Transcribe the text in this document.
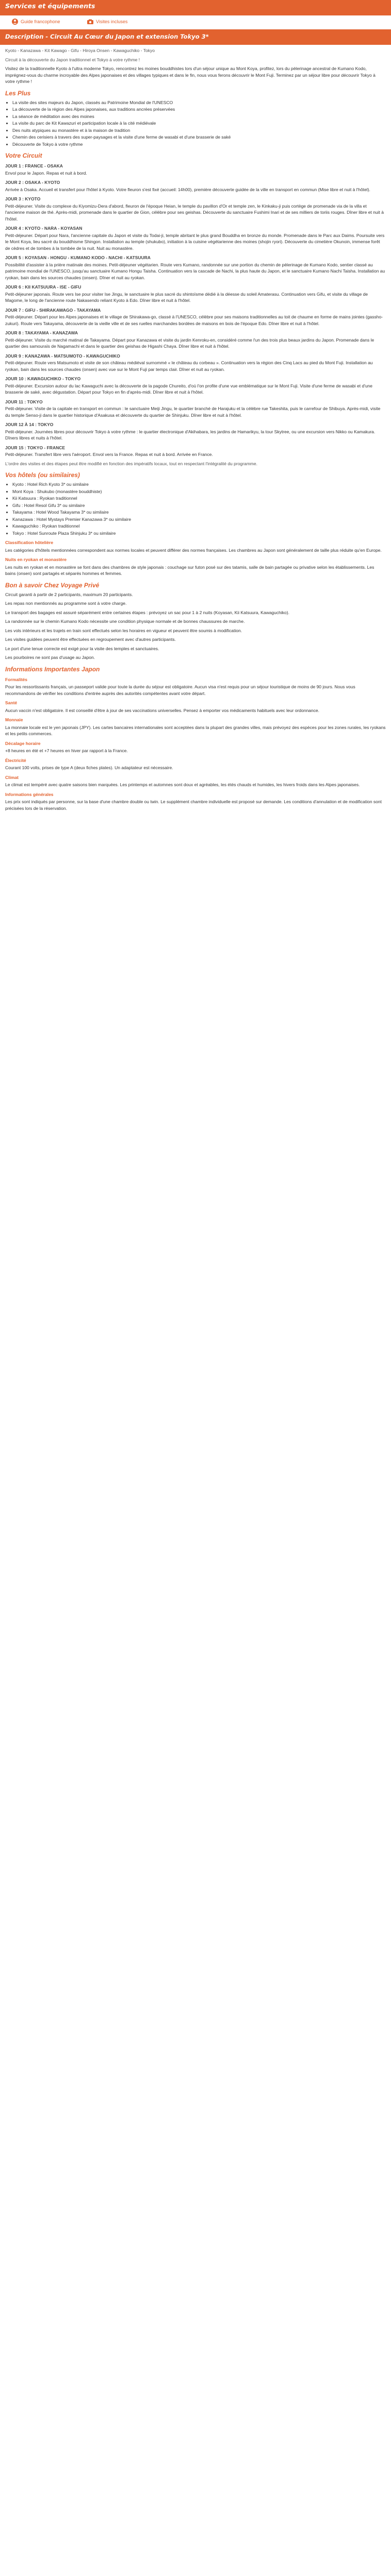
Services et équipements
Guide francophone	Visites incluses
Description - Circuit Au Cœur du Japon et extension Tokyo 3*

Kyoto - Kanazawa - Kit Kawago - Gifu - Hiroya Onsen - Kawaguchiko - Tokyo

Circuit à la découverte du Japon traditionnel et Tokyo à votre rythme !

Visitez de la traditionnelle Kyoto à l'ultra moderne Tokyo, rencontrez les moines bouddhistes lors d'un séjour unique au Mont Koya, profitez, lors du pèlerinage ancestral de Kumano Kodo, imprégnez-vous du charme incroyable des Alpes japonaises et des villages typiques et dans le fin, nous vous ferons découvrir le Mont Fuji. Terminez par un séjour libre pour découvrir Tokyo à votre rythme !

Les Plus
• La visite des sites majeurs du Japon, classés au Patrimoine Mondial de l'UNESCO
• La découverte de la région des Alpes japonaises, aux traditions ancrées préservées
• La séance de méditation avec des moines
• La visite du parc de Kit Kawazuri et participation locale à la cité médiévale
• Des nuits atypiques au monastère et à la maison de tradition
• Chemin des cerisiers à travers des super-paysages et la visite d'une ferme de wasabi et d'une brasserie de saké
• Découverte de Tokyo à votre rythme
Votre Circuit
JOUR 1 : FRANCE - OSAKA

Envol pour le Japon. Repas et nuit à bord.

JOUR 2 : OSAKA - KYOTO

Arrivée à Osaka. Accueil et transfert pour l'hôtel à Kyoto. Votre fleuron s'est fixé (accueil: 14h00), première découverte guidée de la ville en transport en commun (Mise libre et nuit à l'hôtel).

JOUR 3 : KYOTO

Petit-déjeuner. Visite du complexe du Kiyomizu-Dera d'abord, fleuron de l'époque Heian, le temple du pavillon d'Or et temple zen, le Kinkaku-ji puis cortège de promenade via de la villa et l'ancienne maison de thé. Après-midi, promenade dans le quartier de Gion, célèbre pour ses geishas. Découverte du sanctuaire Fushimi Inari et de ses milliers de toriis rouges. Dîner libre et nuit à l'hôtel.

JOUR 4 : KYOTO - NARA - KOYASAN

Petit-déjeuner. Départ pour Nara, l'ancienne capitale du Japon et visite du Todai-ji, temple abritant le plus grand Bouddha en bronze du monde. Promenade dans le Parc aux Daims. Poursuite vers le Mont Koya, lieu sacré du bouddhisme Shingon. Installation au temple (shukubo), initiation à la cuisine végétarienne des moines (shojin ryori). Découverte du cimetière Okunoin, immense forêt de cèdres et de tombes à la tombée de la nuit. Nuit au monastère.

JOUR 5 : KOYASAN - HONGU - KUMANO KODO - NACHI - KATSUURA

Possibilité d'assister à la prière matinale des moines. Petit-déjeuner végétarien. Route vers Kumano, randonnée sur une portion du chemin de pèlerinage de Kumano Kodo, sentier classé au patrimoine mondial de l'UNESCO, jusqu'au sanctuaire Kumano Hongu Taisha. Continuation vers la cascade de Nachi, la plus haute du Japon, et le sanctuaire Kumano Nachi Taisha. Installation au ryokan, bain dans les sources chaudes (onsen). Dîner et nuit au ryokan.

JOUR 6 : KII KATSUURA - ISE - GIFU

Petit-déjeuner japonais. Route vers Ise pour visiter Ise Jingu, le sanctuaire le plus sacré du shintoïsme dédié à la déesse du soleil Amaterasu. Continuation vers Gifu, et visite du village de Magome, le long de l'ancienne route Nakasendo reliant Kyoto à Edo. Dîner libre et nuit à l'hôtel.

JOUR 7 : GIFU - SHIRAKAWAGO - TAKAYAMA

Petit-déjeuner. Départ pour les Alpes japonaises et le village de Shirakawa-go, classé à l'UNESCO, célèbre pour ses maisons traditionnelles au toit de chaume en forme de mains jointes (gassho-zukuri). Route vers Takayama, découverte de la vieille ville et de ses ruelles marchandes bordées de maisons en bois de l'époque Edo. Dîner libre et nuit à l'hôtel.

JOUR 8 : TAKAYAMA - KANAZAWA

Petit-déjeuner. Visite du marché matinal de Takayama. Départ pour Kanazawa et visite du jardin Kenroku-en, considéré comme l'un des trois plus beaux jardins du Japon. Promenade dans le quartier des samouraïs de Nagamachi et dans le quartier des geishas de Higashi Chaya. Dîner libre et nuit à l'hôtel.

JOUR 9 : KANAZAWA - MATSUMOTO - KAWAGUCHIKO

Petit-déjeuner. Route vers Matsumoto et visite de son château médiéval surnommé « le château du corbeau ». Continuation vers la région des Cinq Lacs au pied du Mont Fuji. Installation au ryokan, bain dans les sources chaudes (onsen) avec vue sur le Mont Fuji par temps clair. Dîner et nuit au ryokan.

JOUR 10 : KAWAGUCHIKO - TOKYO

Petit-déjeuner. Excursion autour du lac Kawaguchi avec la découverte de la pagode Chureito, d'où l'on profite d'une vue emblématique sur le Mont Fuji. Visite d'une ferme de wasabi et d'une brasserie de saké, avec dégustation. Départ pour Tokyo en fin d'après-midi. Dîner libre et nuit à l'hôtel.

JOUR 11 : TOKYO

Petit-déjeuner. Visite de la capitale en transport en commun : le sanctuaire Meiji Jingu, le quartier branché de Harajuku et la célèbre rue Takeshita, puis le carrefour de Shibuya. Après-midi, visite du temple Senso-ji dans le quartier historique d'Asakusa et découverte du quartier de Shinjuku. Dîner libre et nuit à l'hôtel.

JOUR 12 À 14 : TOKYO

Petit-déjeuner. Journées libres pour découvrir Tokyo à votre rythme : le quartier électronique d'Akihabara, les jardins de Hamarikyu, la tour Skytree, ou une excursion vers Nikko ou Kamakura. Dîners libres et nuits à l'hôtel.

JOUR 15 : TOKYO - FRANCE

Petit-déjeuner. Transfert libre vers l'aéroport. Envol vers la France. Repas et nuit à bord. Arrivée en France.

L'ordre des visites et des étapes peut être modifié en fonction des impératifs locaux, tout en respectant l'intégralité du programme.

Vos hôtels (ou similaires)
• Kyoto : Hotel Rich Kyoto 3* ou similaire
• Mont Koya : Shukubo (monastère bouddhiste)
• Kii Katsuura : Ryokan traditionnel
• Gifu : Hotel Resol Gifu 3* ou similaire
• Takayama : Hotel Wood Takayama 3* ou similaire
• Kanazawa : Hotel Mystays Premier Kanazawa 3* ou similaire
• Kawaguchiko : Ryokan traditionnel
• Tokyo : Hotel Sunroute Plaza Shinjuku 3* ou similaire
Classification hôtelière

Les catégories d'hôtels mentionnées correspondent aux normes locales et peuvent différer des normes françaises. Les chambres au Japon sont généralement de taille plus réduite qu'en Europe.

Nuits en ryokan et monastère

Les nuits en ryokan et en monastère se font dans des chambres de style japonais : couchage sur futon posé sur des tatamis, salle de bain partagée ou privative selon les établissements. Les bains (onsen) sont partagés et séparés hommes et femmes.

Bon à savoir Chez Voyage Privé

Circuit garanti à partir de 2 participants, maximum 20 participants.

Les repas non mentionnés au programme sont à votre charge.

Le transport des bagages est assuré séparément entre certaines étapes : prévoyez un sac pour 1 à 2 nuits (Koyasan, Kii Katsuura, Kawaguchiko).

La randonnée sur le chemin Kumano Kodo nécessite une condition physique normale et de bonnes chaussures de marche.

Les vols intérieurs et les trajets en train sont effectués selon les horaires en vigueur et peuvent être soumis à modification.

Les visites guidées peuvent être effectuées en regroupement avec d'autres participants.

Le port d'une tenue correcte est exigé pour la visite des temples et sanctuaires.

Les pourboires ne sont pas d'usage au Japon.

Informations Importantes Japon
Formalités

Pour les ressortissants français, un passeport valide pour toute la durée du séjour est obligatoire. Aucun visa n'est requis pour un séjour touristique de moins de 90 jours. Nous vous recommandons de vérifier les conditions d'entrée auprès des autorités compétentes avant votre départ.

Santé

Aucun vaccin n'est obligatoire. Il est conseillé d'être à jour de ses vaccinations universelles. Pensez à emporter vos médicaments habituels avec leur ordonnance.

Monnaie

La monnaie locale est le yen japonais (JPY). Les cartes bancaires internationales sont acceptées dans la plupart des grandes villes, mais prévoyez des espèces pour les zones rurales, les ryokans et les petits commerces.

Décalage horaire

+8 heures en été et +7 heures en hiver par rapport à la France.

Électricité

Courant 100 volts, prises de type A (deux fiches plates). Un adaptateur est nécessaire.

Climat

Le climat est tempéré avec quatre saisons bien marquées. Les printemps et automnes sont doux et agréables, les étés chauds et humides, les hivers froids dans les Alpes japonaises.

Informations générales

Les prix sont indiqués par personne, sur la base d'une chambre double ou twin. Le supplément chambre individuelle est proposé sur demande. Les conditions d'annulation et de modification sont précisées lors de la réservation.
